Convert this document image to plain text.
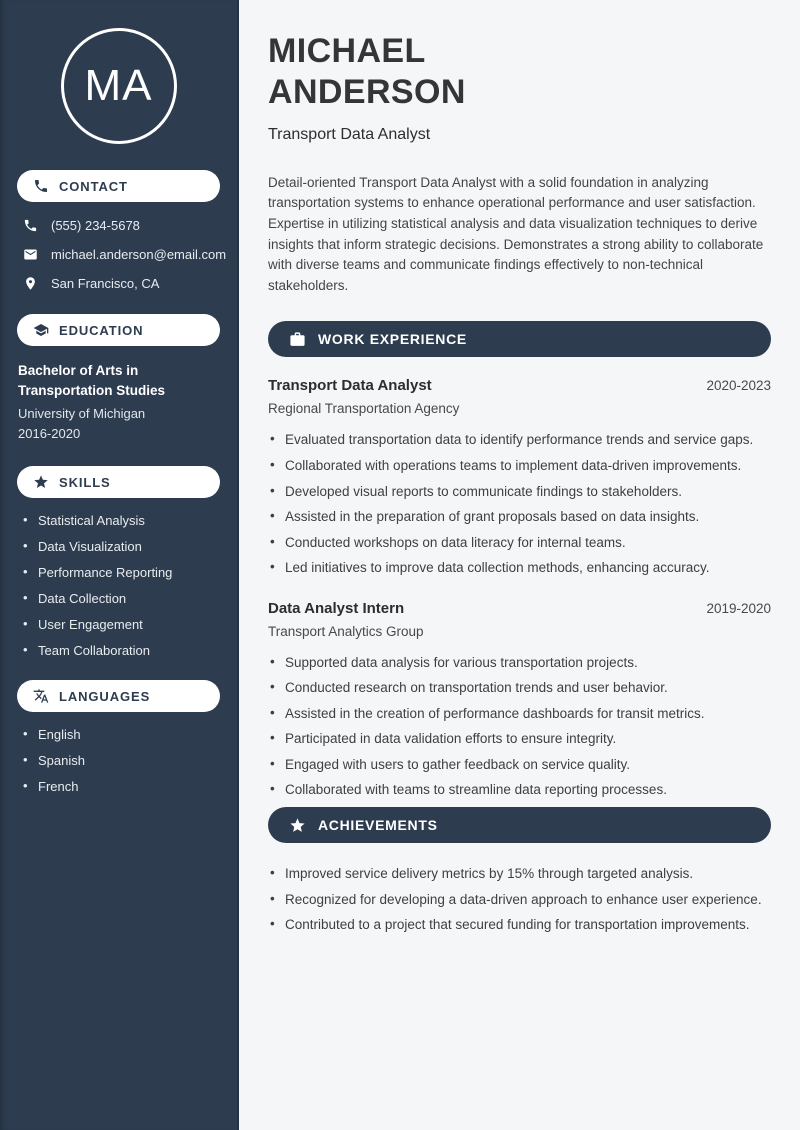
MA
CONTACT
(555) 234-5678
michael.anderson@email.com
San Francisco, CA
EDUCATION
Bachelor of Arts in Transportation Studies
University of Michigan
2016-2020
SKILLS
• Statistical Analysis
• Data Visualization
• Performance Reporting
• Data Collection
• User Engagement
• Team Collaboration
LANGUAGES
• English
• Spanish
• French
MICHAEL
ANDERSON
Transport Data Analyst

Detail-oriented Transport Data Analyst with a solid foundation in analyzing transportation systems to enhance operational performance and user satisfaction. Expertise in utilizing statistical analysis and data visualization techniques to derive insights that inform strategic decisions. Demonstrates a strong ability to collaborate with diverse teams and communicate findings effectively to non-technical stakeholders.

WORK EXPERIENCE
Transport Data Analyst	2020-2023
Regional Transportation Agency
• Evaluated transportation data to identify performance trends and service gaps.
• Collaborated with operations teams to implement data-driven improvements.
• Developed visual reports to communicate findings to stakeholders.
• Assisted in the preparation of grant proposals based on data insights.
• Conducted workshops on data literacy for internal teams.
• Led initiatives to improve data collection methods, enhancing accuracy.
Data Analyst Intern	2019-2020
Transport Analytics Group
• Supported data analysis for various transportation projects.
• Conducted research on transportation trends and user behavior.
• Assisted in the creation of performance dashboards for transit metrics.
• Participated in data validation efforts to ensure integrity.
• Engaged with users to gather feedback on service quality.
• Collaborated with teams to streamline data reporting processes.
ACHIEVEMENTS
• Improved service delivery metrics by 15% through targeted analysis.
• Recognized for developing a data-driven approach to enhance user experience.
• Contributed to a project that secured funding for transportation improvements.
